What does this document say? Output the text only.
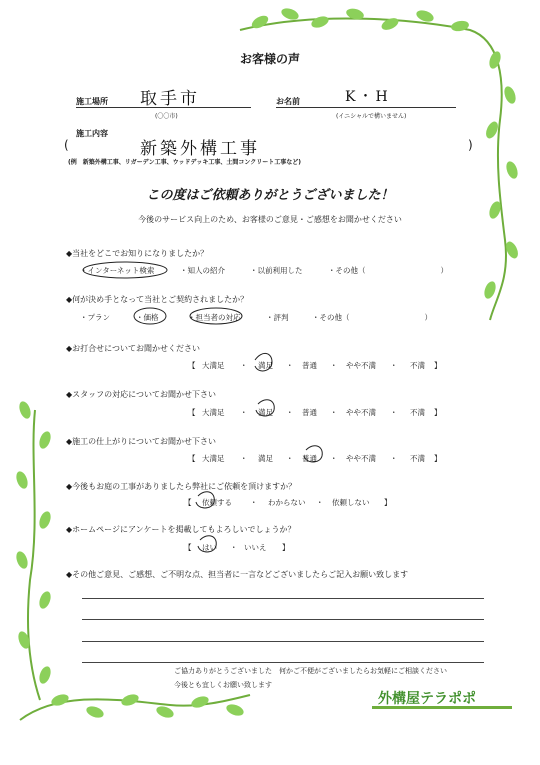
お客様の声
施工場所 取手市
(〇〇市)
お名前	K・H
(イニシャルで構いません)
施工内容
(	新築外構工事	)
(例　新築外構工事、リガーデン工事、ウッドデッキ工事、土間コンクリート工事など)
この度はご依頼ありがとうございました！
今後のサービス向上のため、お客様のご意見・ご感想をお聞かせください
◆当社をどこでお知りになりましたか？
・インターネット検索	・知人の紹介	・以前利用した	・その他（　　　　　　　　　　）
◆何が決め手となって当社とご契約されましたか？
・プラン	・価格	・担当者の対応	・評判	・その他（　　　　　　　　　　）
◆お打合せについてお聞かせください
【 大満足 ・ 満足 ・ 普通 ・ やや不満 ・ 不満 】
◆スタッフの対応についてお聞かせ下さい
【 大満足 ・ 満足 ・ 普通 ・ やや不満 ・ 不満 】
◆施工の仕上がりについてお聞かせ下さい
【 大満足 ・ 満足 ・ 普通 ・ やや不満 ・ 不満 】
◆今後もお庭の工事がありましたら弊社にご依頼を頂けますか？
【 依頼する ・ わからない ・ 依頼しない 】
◆ホームページにアンケートを掲載してもよろしいでしょうか？
【 はい ・ いいえ 】
◆その他ご意見、ご感想、ご不明な点、担当者に一言などございましたらご記入お願い致します
ご協力ありがとうございました　何かご不便がございましたらお気軽にご相談ください
今後とも宜しくお願い致します
外構屋テラポポ
